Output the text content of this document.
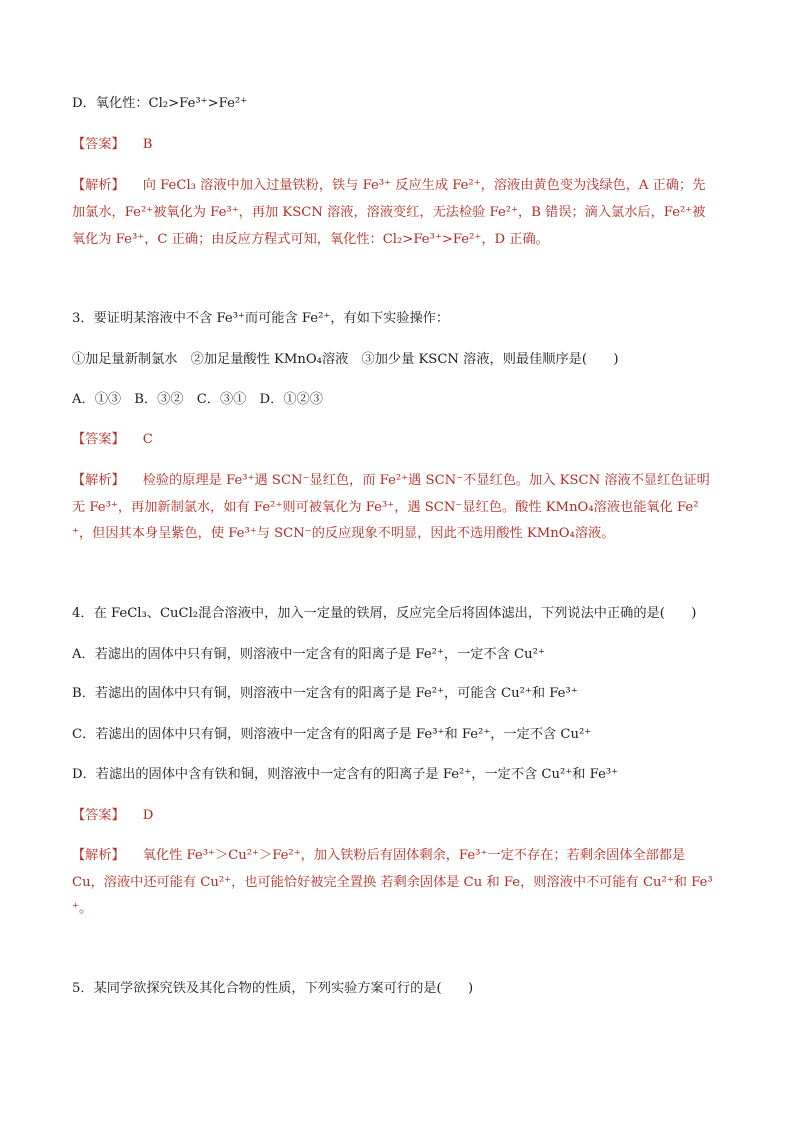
D．氧化性：Cl₂>Fe³⁺>Fe²⁺
【答案】 B
【解析】 向 FeCl₃ 溶液中加入过量铁粉，铁与 Fe³⁺ 反应生成 Fe²⁺，溶液由黄色变为浅绿色，A 正确；先
加氯水，Fe²⁺被氧化为 Fe³⁺，再加 KSCN 溶液，溶液变红，无法检验 Fe²⁺，B 错误；滴入氯水后，Fe²⁺被
氧化为 Fe³⁺，C 正确；由反应方程式可知，氧化性：Cl₂>Fe³⁺>Fe²⁺，D 正确。
3．要证明某溶液中不含 Fe³⁺而可能含 Fe²⁺，有如下实验操作：
①加足量新制氯水　②加足量酸性 KMnO₄溶液　③加少量 KSCN 溶液，则最佳顺序是(　　)
A．①③　B．③②　C．③①　D．①②③
【答案】 C
【解析】 检验的原理是 Fe³⁺遇 SCN⁻显红色，而 Fe²⁺遇 SCN⁻不显红色。加入 KSCN 溶液不显红色证明
无 Fe³⁺，再加新制氯水，如有 Fe²⁺则可被氧化为 Fe³⁺，遇 SCN⁻显红色。酸性 KMnO₄溶液也能氧化 Fe²
⁺，但因其本身呈紫色，使 Fe³⁺与 SCN⁻的反应现象不明显，因此不选用酸性 KMnO₄溶液。
4．在 FeCl₃、CuCl₂混合溶液中，加入一定量的铁屑，反应完全后将固体滤出，下列说法中正确的是(　　)
A．若滤出的固体中只有铜，则溶液中一定含有的阳离子是 Fe²⁺，一定不含 Cu²⁺
B．若滤出的固体中只有铜，则溶液中一定含有的阳离子是 Fe²⁺，可能含 Cu²⁺和 Fe³⁺
C．若滤出的固体中只有铜，则溶液中一定含有的阳离子是 Fe³⁺和 Fe²⁺，一定不含 Cu²⁺
D．若滤出的固体中含有铁和铜，则溶液中一定含有的阳离子是 Fe²⁺，一定不含 Cu²⁺和 Fe³⁺
【答案】 D
【解析】 氧化性 Fe³⁺＞Cu²⁺＞Fe²⁺，加入铁粉后有固体剩余，Fe³⁺一定不存在；若剩余固体全部都是
Cu，溶液中还可能有 Cu²⁺，也可能恰好被完全置换 若剩余固体是 Cu 和 Fe，则溶液中不可能有 Cu²⁺和 Fe³
⁺。
5．某同学欲探究铁及其化合物的性质，下列实验方案可行的是(　　)
